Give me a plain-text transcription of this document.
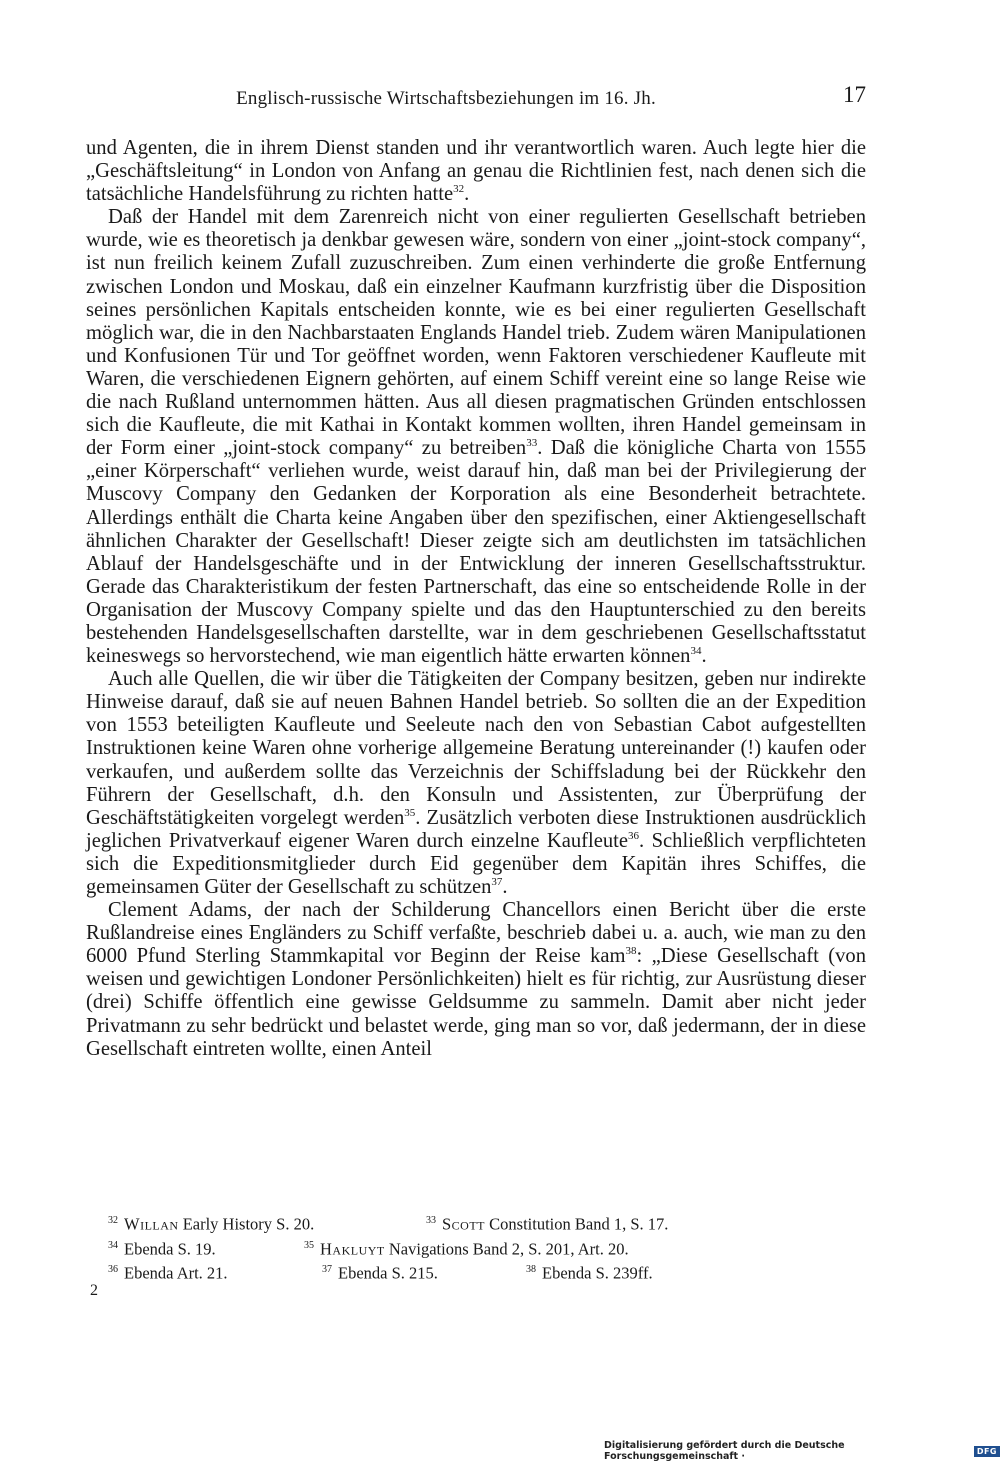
Englisch-russische Wirtschaftsbeziehungen im 16. Jh.	17

und Agenten, die in ihrem Dienst standen und ihr verantwortlich waren. Auch legte hier die „Geschäftsleitung“ in London von Anfang an genau die Richtlinien fest, nach denen sich die tatsächliche Handelsführung zu richten hatte$^{32}$.

Daß der Handel mit dem Zarenreich nicht von einer regulierten Gesellschaft betrieben wurde, wie es theoretisch ja denkbar gewesen wäre, sondern von einer „joint-stock company“, ist nun freilich keinem Zufall zuzuschreiben. Zum einen verhinderte die große Entfernung zwischen London und Moskau, daß ein einzelner Kaufmann kurzfristig über die Disposition seines persönlichen Kapitals entscheiden konnte, wie es bei einer regulierten Gesellschaft möglich war, die in den Nachbarstaaten Englands Handel trieb. Zudem wären Manipulationen und Konfusionen Tür und Tor geöffnet worden, wenn Faktoren verschiedener Kaufleute mit Waren, die verschiedenen Eignern gehörten, auf einem Schiff vereint eine so lange Reise wie die nach Rußland unternommen hätten. Aus all diesen pragmatischen Gründen entschlossen sich die Kaufleute, die mit Kathai in Kontakt kommen wollten, ihren Handel gemeinsam in der Form einer „joint-stock company“ zu betreiben$^{33}$. Daß die königliche Charta von 1555 „einer Körperschaft“ verliehen wurde, weist darauf hin, daß man bei der Privilegierung der Muscovy Company den Gedanken der Korporation als eine Besonderheit betrachtete. Allerdings enthält die Charta keine Angaben über den spezifischen, einer Aktiengesellschaft ähnlichen Charakter der Gesellschaft! Dieser zeigte sich am deutlichsten im tatsächlichen Ablauf der Handelsgeschäfte und in der Entwicklung der inneren Gesellschaftsstruktur. Gerade das Charakteristikum der festen Partnerschaft, das eine so entscheidende Rolle in der Organisation der Muscovy Company spielte und das den Hauptunterschied zu den bereits bestehenden Handelsgesellschaften darstellte, war in dem geschriebenen Gesellschaftsstatut keineswegs so hervorstechend, wie man eigentlich hätte erwarten können$^{34}$.

Auch alle Quellen, die wir über die Tätigkeiten der Company besitzen, geben nur indirekte Hinweise darauf, daß sie auf neuen Bahnen Handel betrieb. So sollten die an der Expedition von 1553 beteiligten Kaufleute und Seeleute nach den von Sebastian Cabot aufgestellten Instruktionen keine Waren ohne vorherige allgemeine Beratung untereinander (!) kaufen oder verkaufen, und außerdem sollte das Verzeichnis der Schiffsladung bei der Rückkehr den Führern der Gesellschaft, d.h. den Konsuln und Assistenten, zur Überprüfung der Geschäftstätigkeiten vorgelegt werden$^{35}$. Zusätzlich verboten diese Instruktionen ausdrücklich jeglichen Privatverkauf eigener Waren durch einzelne Kaufleute$^{36}$. Schließlich verpflichteten sich die Expeditionsmitglieder durch Eid gegenüber dem Kapitän ihres Schiffes, die gemeinsamen Güter der Gesellschaft zu schützen$^{37}$.

Clement Adams, der nach der Schilderung Chancellors einen Bericht über die erste Rußlandreise eines Engländers zu Schiff verfaßte, beschrieb dabei u. a. auch, wie man zu den 6000 Pfund Sterling Stammkapital vor Beginn der Reise kam$^{38}$: „Diese Gesellschaft (von weisen und gewichtigen Londoner Persönlichkeiten) hielt es für richtig, zur Ausrüstung dieser (drei) Schiffe öffentlich eine gewisse Geldsumme zu sammeln. Damit aber nicht jeder Privatmann zu sehr bedrückt und belastet werde, ging man so vor, daß jedermann, der in diese Gesellschaft eintreten wollte, einen Anteil

$^{32}$ Willan Early History S. 20.	$^{33}$ Scott Constitution Band 1, S. 17.
$^{34}$ Ebenda S. 19.	$^{35}$ Hakluyt Navigations Band 2, S. 201, Art. 20.
$^{36}$ Ebenda Art. 21.	$^{37}$ Ebenda S. 215.	$^{38}$ Ebenda S. 239ff.
2
Digitalisierung gefördert durch die Deutsche Forschungsgemeinschaft ·	DFG
